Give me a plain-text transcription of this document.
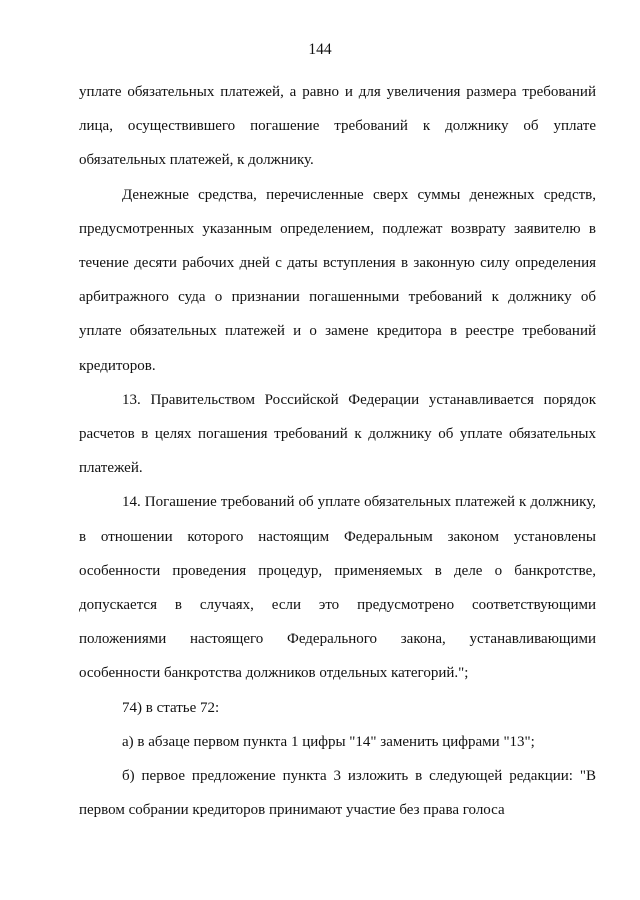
144

уплате обязательных платежей, а равно и для увеличения размера требований лица, осуществившего погашение требований к должнику об уплате обязательных платежей, к должнику.

Денежные средства, перечисленные сверх суммы денежных средств, предусмотренных указанным определением, подлежат возврату заявителю в течение десяти рабочих дней с даты вступления в законную силу определения арбитражного суда о признании погашенными требований к должнику об уплате обязательных платежей и о замене кредитора в реестре требований кредиторов.

13. Правительством Российской Федерации устанавливается порядок расчетов в целях погашения требований к должнику об уплате обязательных платежей.

14. Погашение требований об уплате обязательных платежей к должнику, в отношении которого настоящим Федеральным законом установлены особенности проведения процедур, применяемых в деле о банкротстве, допускается в случаях, если это предусмотрено соответствующими положениями настоящего Федерального закона, устанавливающими особенности банкротства должников отдельных категорий.";

74) в статье 72:

а) в абзаце первом пункта 1 цифры "14" заменить цифрами "13";

б) первое предложение пункта 3 изложить в следующей редакции: "В первом собрании кредиторов принимают участие без права голоса
